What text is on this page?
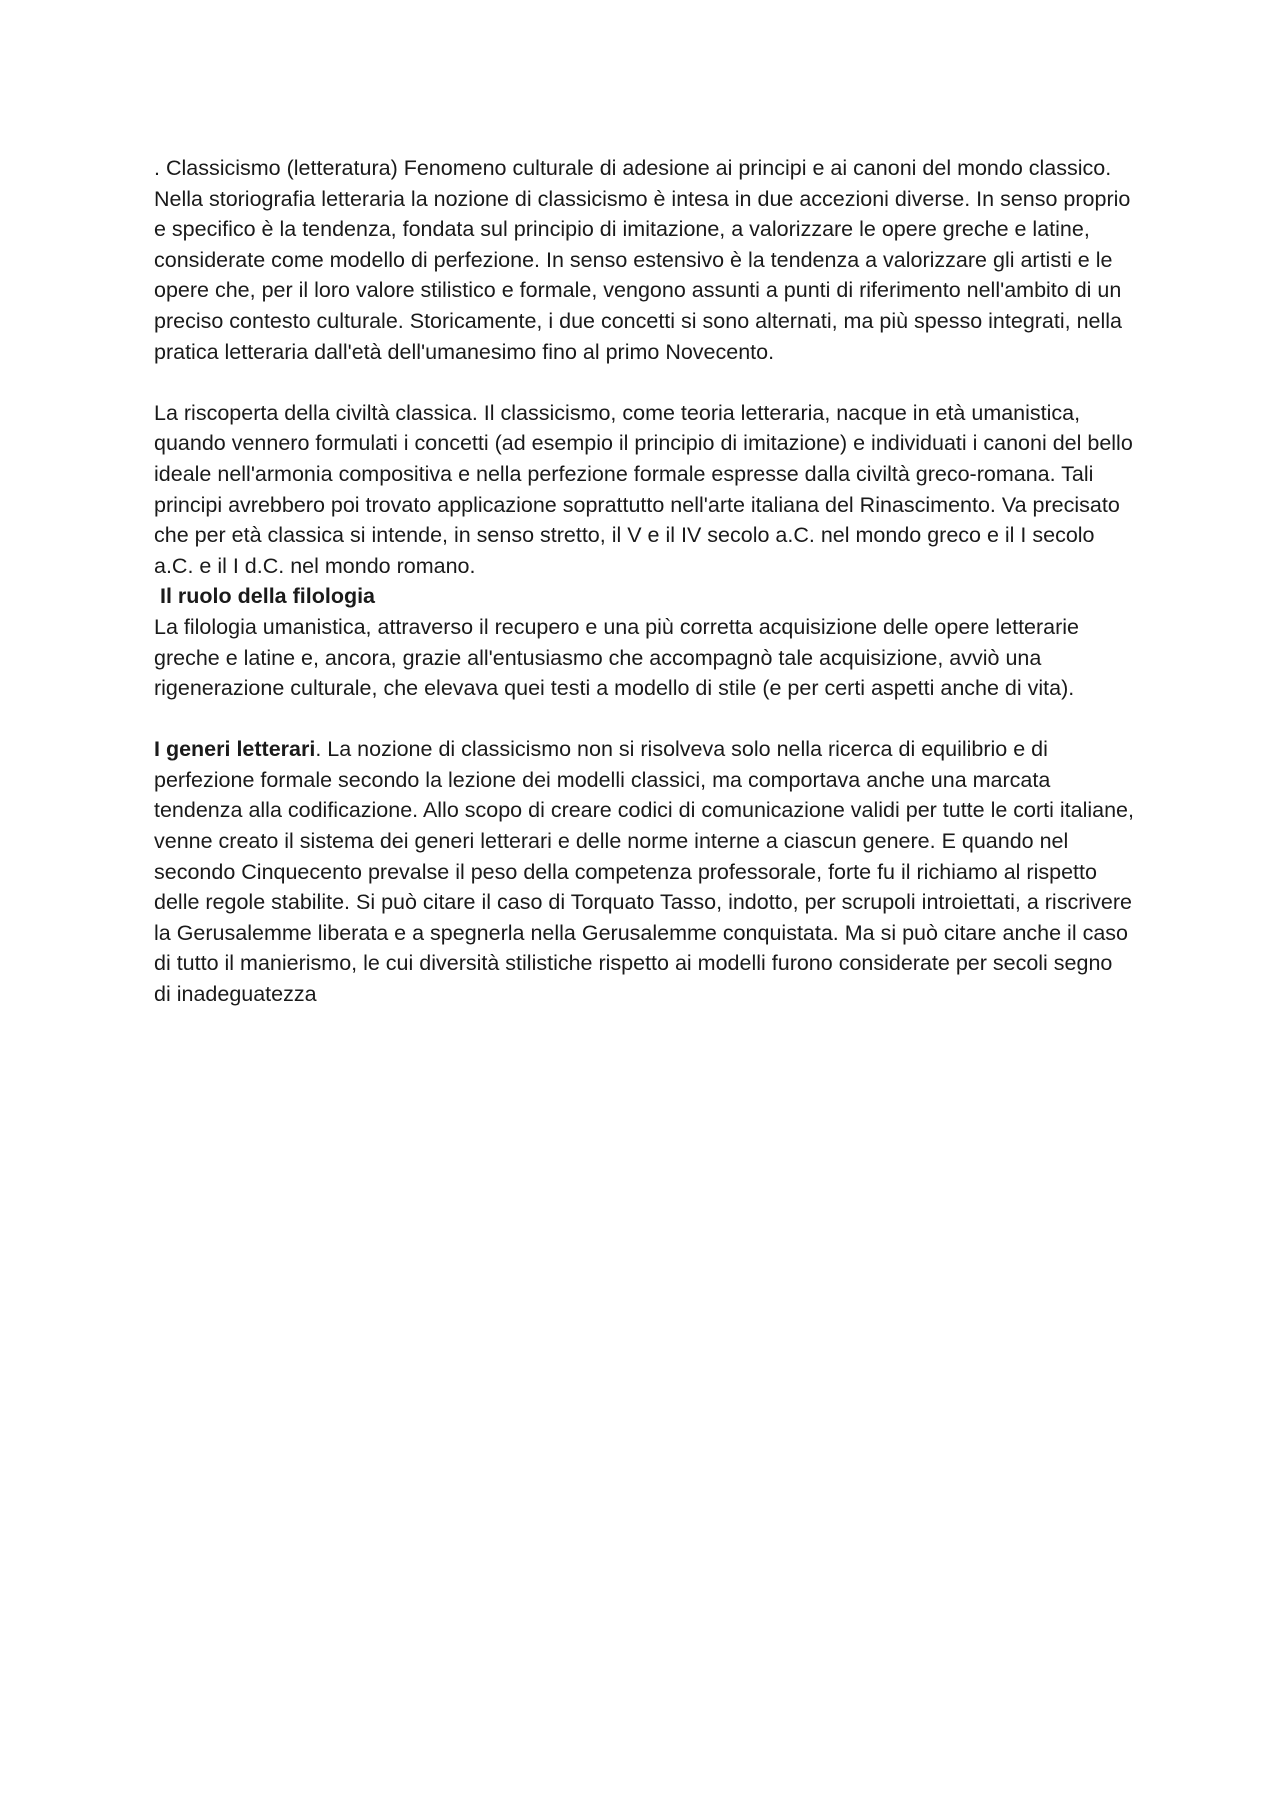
. Classicismo (letteratura) Fenomeno culturale di adesione ai principi e ai canoni del mondo classico. Nella storiografia letteraria la nozione di classicismo è intesa in due accezioni diverse. In senso proprio e specifico è la tendenza, fondata sul principio di imitazione, a valorizzare le opere greche e latine, considerate come modello di perfezione. In senso estensivo è la tendenza a valorizzare gli artisti e le opere che, per il loro valore stilistico e formale, vengono assunti a punti di riferimento nell'ambito di un preciso contesto culturale. Storicamente, i due concetti si sono alternati, ma più spesso integrati, nella pratica letteraria dall'età dell'umanesimo fino al primo Novecento.

La riscoperta della civiltà classica. Il classicismo, come teoria letteraria, nacque in età umanistica, quando vennero formulati i concetti (ad esempio il principio di imitazione) e individuati i canoni del bello ideale nell'armonia compositiva e nella perfezione formale espresse dalla civiltà greco-romana. Tali principi avrebbero poi trovato applicazione soprattutto nell'arte italiana del Rinascimento. Va precisato che per età classica si intende, in senso stretto, il V e il IV secolo a.C. nel mondo greco e il I secolo a.C. e il I d.C. nel mondo romano.

Il ruolo della filologia

La filologia umanistica, attraverso il recupero e una più corretta acquisizione delle opere letterarie greche e latine e, ancora, grazie all'entusiasmo che accompagnò tale acquisizione, avviò una rigenerazione culturale, che elevava quei testi a modello di stile (e per certi aspetti anche di vita).

I generi letterari. La nozione di classicismo non si risolveva solo nella ricerca di equilibrio e di perfezione formale secondo la lezione dei modelli classici, ma comportava anche una marcata tendenza alla codificazione. Allo scopo di creare codici di comunicazione validi per tutte le corti italiane, venne creato il sistema dei generi letterari e delle norme interne a ciascun genere. E quando nel secondo Cinquecento prevalse il peso della competenza professorale, forte fu il richiamo al rispetto delle regole stabilite. Si può citare il caso di Torquato Tasso, indotto, per scrupoli introiettati, a riscrivere la Gerusalemme liberata e a spegnerla nella Gerusalemme conquistata. Ma si può citare anche il caso di tutto il manierismo, le cui diversità stilistiche rispetto ai modelli furono considerate per secoli segno di inadeguatezza
